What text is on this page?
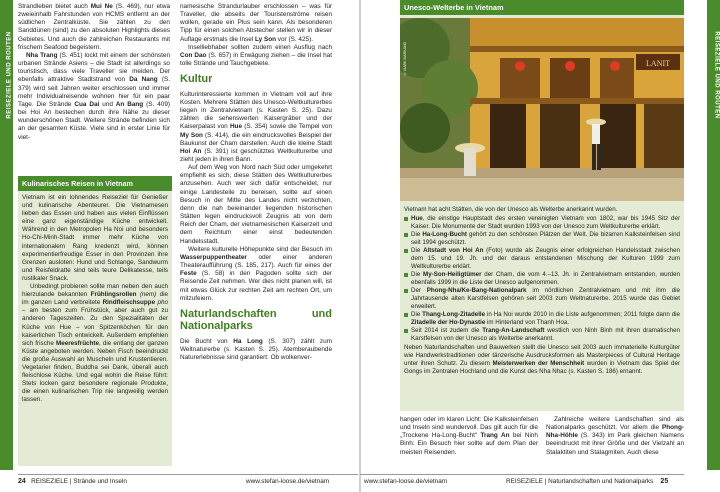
REISEZIELE UND ROUTEN

Strandleben bietet auch Mui Ne (S. 469), nur etwa zweieinhalb Fahrstunden von HCMS entfernt an der südlichen Zentralküste. Sie zählen zu den Sanddünen (sind) zu den absoluten Highlights dieses Gebietes. Und auch die zahlreichen Restaurants mit frischem Seafood begeistern.

Nha Trang (S. 451) lockt mit einem der schönsten urbanen Strände Asiens – die Stadt ist allerdings so touristisch, dass viele Traveller sie meiden. Der ebenfalls attraktive Stadtstrand von Da Nang (S. 379) wird seit Jahren weiter erschlossen und immer mehr Individualreisende wohnen hier für ein paar Tage. Die Strände Cua Dai und An Bang (S. 409) bei Hoi An bestechen durch ihre Nähe zu dieser wunderschönen Stadt. Weitere Strände befinden sich an der gesamten Küste. Viele sind in erster Linie für viet-

Kulinarisches Reisen in Vietnam

Vietnam ist ein lohnendes Reiseziel für Genießer und kulinarische Abenteurer. Die Vietnamesen lieben das Essen und haben aus vielen Einflüssen eine ganz eigenständige Küche entwickelt. Während in den Metropolen Ha Noi und besonders Ho-Chi-Minh-Stadt immer mehr Küche von internationalem Rang kredenzt wird, können experimentierfreudige Esser in den Provinzen ihre Grenzen ausloten: Hund und Schlange, Sandwurm und Reisfeldratte sind teils teure Delikatesse, teils rustikaler Snack.

Unbedingt probieren sollte man neben den auch hierzulande bekannten Frühlingsrollen (nem) die im ganzen Land verbreitete Rindfleischsuppe pho – am besten zum Frühstück, aber auch gut zu anderen Tageszeiten. Zu den Spezialitäten der Küche von Hue – von Spitzenköchen für den kaiserlichen Tisch entwickelt. Außerdem empfehlen sich frische Meeresfrüchte, die entlang der ganzen Küste angeboten werden. Neben Fisch beeindruckt die große Auswahl an Muscheln und Krustentieren. Vegetarier finden, Buddha sei Dank, überall auch fleischlose Küche. Und egal wohin die Reise führt: Stets locken ganz besondere regionale Produkte, die einen kulinarischen Trip nie langweilig werden lassen.

namesische Strandurlauber erschlossen – was für Traveller, die abseits der Touristenströme reisen wollen, gerade ein Plus sein kann. Als besonderen Tipp für einen solchen Abstecher stellen wir in dieser Auflage erstmals die Insel Ly Son vor (S. 425).

Inselliebhaber sollten zudem einen Ausflug nach Con Dao (S. 657) in Erwägung ziehen – die Insel hat tolle Strände und Tauchgebiete.

Kultur

Kulturinteressierte kommen in Vietnam voll auf ihre Kosten. Mehrere Stätten des Unesco-Weltkulturerbes liegen in Zentralvietnam (s. Kasten S. 25). Dazu zählen die sehenswerten Kaisergräber und der Kaiserpalast von Hue (S. 354) sowie die Tempel von My Son (S. 414), die ein eindrucksvolles Beispiel der Baukunst der Cham darstellen. Auch die kleine Stadt Hoi An (S. 391) ist geschütztes Weltkulturerbe und zieht jeden in ihren Bann.

Auf dem Weg von Nord nach Süd oder umgekehrt empfiehlt es sich, diese Stätten des Weltkulturerbes anzusehen. Auch wer sich dafür entscheidet, nur einige Landesteile zu bereisen, sollte auf einen Besuch in der Mitte des Landes nicht verzichten, denn die nah beieinander liegenden historischen Stätten legen eindrucksvoll Zeugnis ab von dem Reich der Cham, der vietnamesischen Kaiserzeit und dem Reichtum einer einst bedeutenden Handelsstadt.

Weitere kulturelle Höhepunkte sind der Besuch im Wasserpuppentheater oder einer anderen Theateraufführung (S. 185, 217). Auch für eines der Feste (S. 58) in den Pagoden sollte sich der Reisende Zeit nehmen. Wer dies nicht planen will, ist mit etwas Glück zur rechten Zeit am rechten Ort, um mitzufeiern.

Naturlandschaften und Nationalparks

Die Bucht von Ha Long (S. 307) zählt zum Weltnaturerbe (s. Kasten S. 25). Atemberaubende Naturerlebnisse sind garantiert: Ob wolkenver-

24 REISEZIELE | Strände und Inseln	www.stefan-loose.de/vietnam
REISEZIELE UND ROUTEN
Unesco-Welterbe in Vietnam
LANIT
© MARK MARKAND

Vietnam hat acht Stätten, die von der Unesco als Welterbe anerkannt wurden.

Hue, die einstige Hauptstadt des ersten vereinigten Vietnam von 1802, war bis 1945 Sitz der Kaiser. Die Monumente der Stadt wurden 1993 von der Unesco zum Weltkulturerbe erklärt.
Die Ha-Long-Bucht gehört zu den schönsten Plätzen der Welt. Die bizarren Kalksteinfelsen sind seit 1994 geschützt.
Die Altstadt von Hoi An (Foto) wurde als Zeugnis einer erfolgreichen Handelsstadt zwischen dem 15. und 19. Jh. und der daraus entstandenen Mischung der Kulturen 1999 zum Weltkulturerbe erklärt.
Die My-Son-Heiligtümer der Cham, die vom 4.–13. Jh. in Zentralvietnam entstanden, wurden ebenfalls 1999 in die Liste der Unesco aufgenommen.
Der Phong-Nha/Ke-Bang-Nationalpark im nördlichen Zentralvietnam und mit ihm die Jahrtausende alten Karstfelsen gehören seit 2003 zum Weltnaturerbe. 2015 wurde das Gebiet erweitert.
Die Thang-Long-Zitadelle in Ha Noi wurde 2010 in die Liste aufgenommen; 2011 folgte dann die Zitadelle der Ho-Dynastie im Hinterland von Thanh Hoa.
Seit 2014 ist zudem die Trang-An-Landschaft westlich von Ninh Binh mit ihren dramatischen Karstfelsen von der Unesco als Welterbe anerkannt.

Neben Naturlandschaften und Bauwerken stellt die Unesco seit 2003 auch immaterielle Kulturgüter wie Handwerkstraditionen oder tänzerische Ausdrucksformen als Masterpieces of Cultural Heritage unter ihren Schutz. Zu diesem Meisterwerken der Menschheit wurden in Vietnam das Spiel der Gongs im Zentralen Hochland und die Kunst des Nha Nhac (s. Kasten S. 186) ernannt.

hangen oder im klaren Licht: Die Kalksteinfelsen und Inseln sind wundervoll. Das gilt auch für die „Trockene Ha-Long-Bucht“ Trang An bei Ninh Binh: Ein Besuch hier sollte auf dem Plan der meisten Reisenden.

Zahlreiche weitere Landschaften sind als Nationalparks geschützt. Vor allem die Phong-Nha-Höhle (S. 343) im Park gleichen Namens beeindruckt mit ihrer Größe und der Vielzahl an Stalaktiten und Stalagmiten. Auch diese

www.stefan-loose.de/vietnam	REISEZIELE | Naturlandschaften und Nationalparks 25
